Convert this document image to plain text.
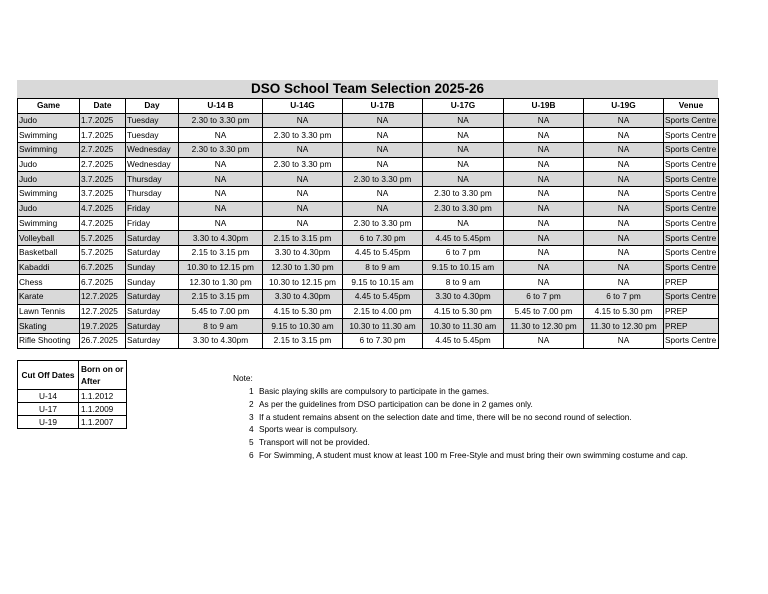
DSO School Team Selection 2025-26
Game	Date	Day	U-14 B	U-14G	U-17B	U-17G	U-19B	U-19G	Venue
Judo	1.7.2025	Tuesday	2.30 to 3.30 pm	NA	NA	NA	NA	NA	Sports Centre
Swimming	1.7.2025	Tuesday	NA	2.30 to 3.30 pm	NA	NA	NA	NA	Sports Centre
Swimming	2.7.2025	Wednesday	2.30 to 3.30 pm	NA	NA	NA	NA	NA	Sports Centre
Judo	2.7.2025	Wednesday	NA	2.30 to 3.30 pm	NA	NA	NA	NA	Sports Centre
Judo	3.7.2025	Thursday	NA	NA	2.30 to 3.30 pm	NA	NA	NA	Sports Centre
Swimming	3.7.2025	Thursday	NA	NA	NA	2.30 to 3.30 pm	NA	NA	Sports Centre
Judo	4.7.2025	Friday	NA	NA	NA	2.30 to 3.30 pm	NA	NA	Sports Centre
Swimming	4.7.2025	Friday	NA	NA	2.30 to 3.30 pm	NA	NA	NA	Sports Centre
Volleyball	5.7.2025	Saturday	3.30 to 4.30pm	2.15 to 3.15 pm	6 to 7.30 pm	4.45 to 5.45pm	NA	NA	Sports Centre
Basketball	5.7.2025	Saturday	2.15 to 3.15 pm	3.30 to 4.30pm	4.45 to 5.45pm	6 to 7 pm	NA	NA	Sports Centre
Kabaddi	6.7.2025	Sunday	10.30 to 12.15 pm	12.30 to 1.30 pm	8 to 9 am	9.15 to 10.15 am	NA	NA	Sports Centre
Chess	6.7.2025	Sunday	12.30 to 1.30 pm	10.30 to 12.15 pm	9.15 to 10.15 am	8 to 9 am	NA	NA	PREP
Karate	12.7.2025	Saturday	2.15 to 3.15 pm	3.30 to 4.30pm	4.45 to 5.45pm	3.30 to 4.30pm	6 to 7 pm	6 to 7 pm	Sports Centre
Lawn Tennis	12.7.2025	Saturday	5.45 to 7.00 pm	4.15 to 5.30 pm	2.15 to 4.00 pm	4.15 to 5.30 pm	5.45 to 7.00 pm	4.15 to 5.30 pm	PREP
Skating	19.7.2025	Saturday	8 to 9 am	9.15 to 10.30 am	10.30 to 11.30 am	10.30 to 11.30 am	11.30 to 12.30 pm	11.30 to 12.30 pm	PREP
Rifle Shooting	26.7.2025	Saturday	3.30 to 4.30pm	2.15 to 3.15 pm	6 to 7.30 pm	4.45 to 5.45pm	NA	NA	Sports Centre
Cut Off Dates	Born on or After
U-14	1.1.2012
U-17	1.1.2009
U-19	1.1.2007
Note:
1 Basic playing skills are compulsory to participate in the games.
2 As per the guidelines from DSO participation can be done in 2 games only.
3 If a student remains absent on the selection date and time, there will be no second round of selection.
4 Sports wear is compulsory.
5 Transport will not be provided.
6 For Swimming, A student must know at least 100 m Free-Style and must bring their own swimming costume and cap.
